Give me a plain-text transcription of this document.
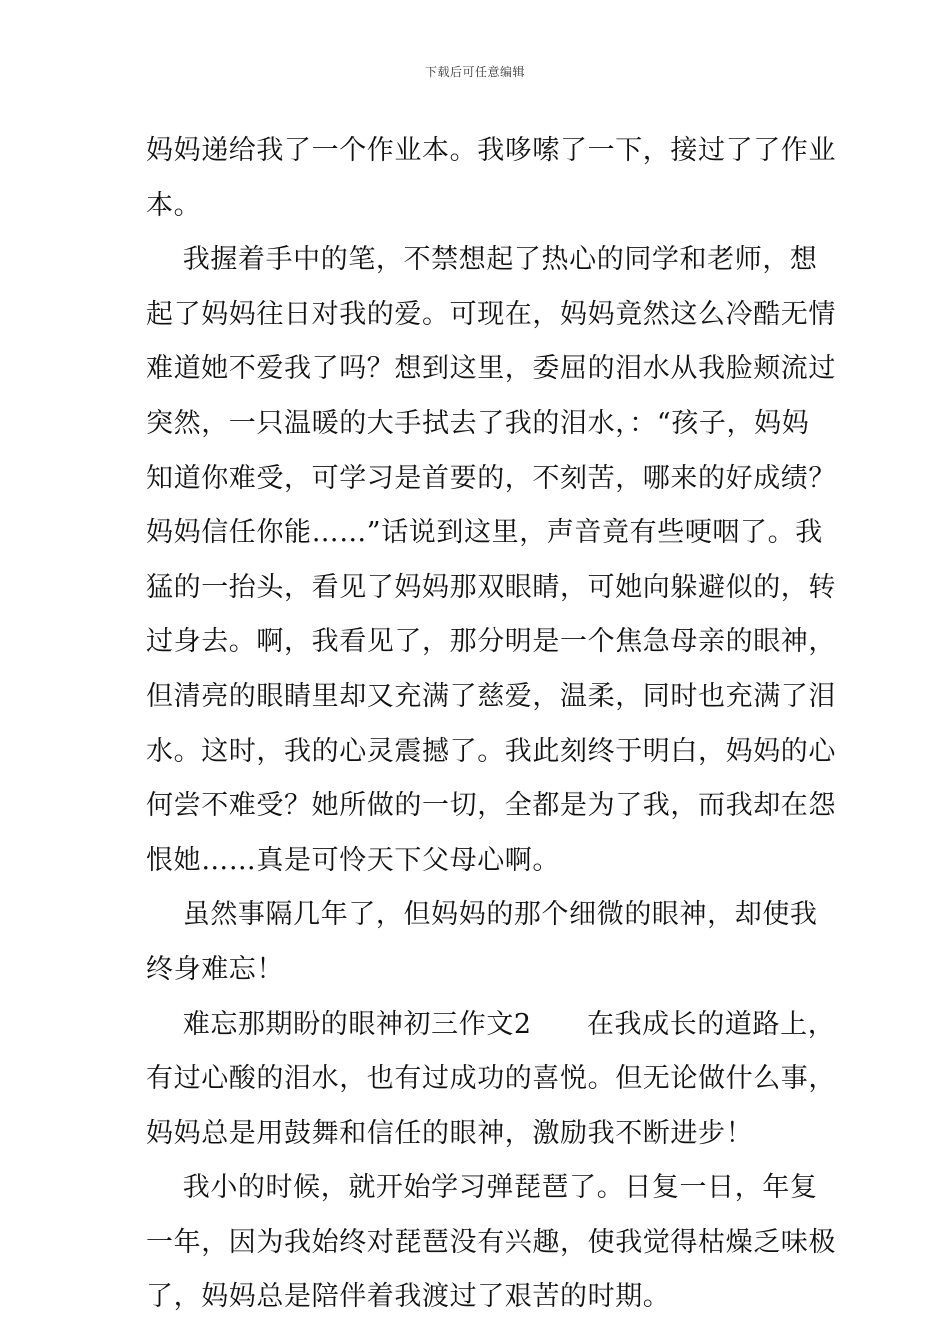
下载后可任意编辑
妈妈递给我了一个作业本。我哆嗦了一下，接过了了作业
本。
我握着手中的笔，不禁想起了热心的同学和老师，想
起了妈妈往日对我的爱。可现在，妈妈竟然这么冷酷无情
难道她不爱我了吗？想到这里，委屈的泪水从我脸颊流过
突然，一只温暖的大手拭去了我的泪水，：“孩子，妈妈
知道你难受，可学习是首要的，不刻苦，哪来的好成绩？
妈妈信任你能……”话说到这里，声音竟有些哽咽了。我
猛的一抬头，看见了妈妈那双眼睛，可她向躲避似的，转
过身去。啊，我看见了，那分明是一个焦急母亲的眼神，
但清亮的眼睛里却又充满了慈爱，温柔，同时也充满了泪
水。这时，我的心灵震撼了。我此刻终于明白，妈妈的心
何尝不难受？她所做的一切，全都是为了我，而我却在怨
恨她……真是可怜天下父母心啊。
虽然事隔几年了，但妈妈的那个细微的眼神，却使我
终身难忘！
难忘那期盼的眼神初三作文2　　在我成长的道路上，
有过心酸的泪水，也有过成功的喜悦。但无论做什么事，
妈妈总是用鼓舞和信任的眼神，激励我不断进步！
我小的时候，就开始学习弹琵琶了。日复一日，年复
一年，因为我始终对琵琶没有兴趣，使我觉得枯燥乏味极
了，妈妈总是陪伴着我渡过了艰苦的时期。
